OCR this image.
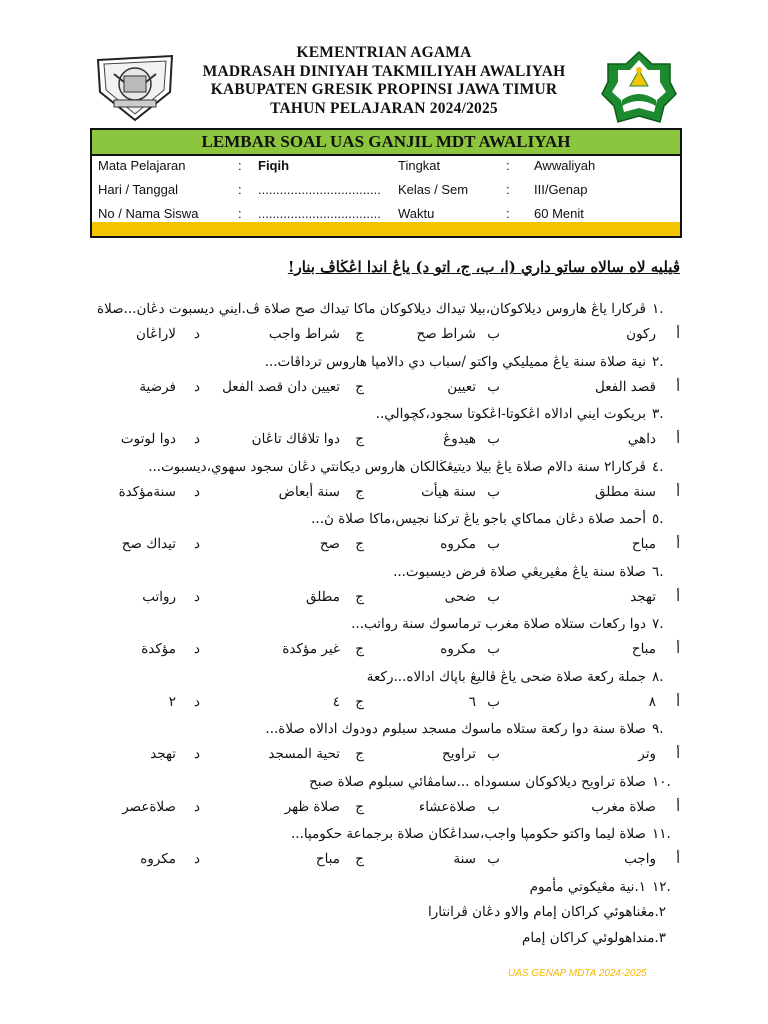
KEMENTRIAN AGAMA
MADRASAH DINIYAH TAKMILIYAH AWALIYAH
KABUPATEN GRESIK PROPINSI JAWA TIMUR
TAHUN PELAJARAN 2024/2025
LEMBAR SOAL UAS GANJIL MDT AWALIYAH
Mata Pelajaran	: Fiqih	Tingkat	: Awwaliyah
Hari / Tanggal	: .................................. Kelas / Sem	: III/Genap
No / Nama Siswa	: .................................. Waktu	: 60 Menit
ڤيليه لاه سالاه ساتو داري (ا، ب، ج، اتو د) ياڠ اندا اڠڬاڤ بنار!
١.
ڤركارا ياڠ هاروس ديلاكوكان،بيلا تيداك ديلاكوكان ماكا تيداك صح صلاة ڤ.ايني ديسبوت دڠان...صلاة
أ
ركون
ب
شراط صح
ج
شراط واجب
د
لاراڠان
٢.
نية صلاة سنة ياڠ مميليكي واكتو /سباب دي دالامڽا هاروس ترداڤات...
أ
قصد الفعل
ب
تعيين
ج
تعيين دان قصد الفعل
د
فرضية
٣.
بريكوت ايني ادالاه اڠكوتا-اڠكوتا سجود،كچوالي..
أ
داهي
ب
هيدوڠ
ج
دوا تلاڤاك تاڠان
د
دوا لوتوت
٤.
ڤركارا٢ سنة دالام صلاة ياڠ بيلا ديتيڠڬالكان هاروس ديكانتي دڠان سجود سهوي،ديسبوت...
أ
سنة مطلق
ب
سنة هيأت
ج
سنة أبعاض
د
سنةمؤكدة
٥.
أحمد صلاة دڠان مماكاي باجو ياڠ تركنا نجيس،ماكا صلاة ڽ...
أ
مباح
ب
مكروه
ج
صح
د
تيداك صح
٦.
صلاة سنة ياڠ مڠيريڠي صلاة فرض ديسبوت...
أ
تهجد
ب
ضحى
ج
مطلق
د
رواتب
٧.
دوا ركعات ستلاه صلاة مغرب ترماسوك سنة رواتب...
أ
مباح
ب
مكروه
ج
غير مؤكدة
د
مؤكدة
٨.
جملة ركعة صلاة ضحى ياڠ ڤاليڠ باڽاك ادالاه...ركعة
أ
٨
ب
٦
ج
٤
د
٢
٩.
صلاة سنة دوا ركعة ستلاه ماسوك مسجد سبلوم دودوك ادالاه صلاة...
أ
وتر
ب
تراويح
ج
تحية المسجد
د
تهجد
١٠.
صلاة تراويح ديلاكوكان سسوداه ...سامڤائي سبلوم صلاة صبح
أ
صلاة مغرب
ب
صلاةعشاء
ج
صلاة ظهر
د
صلاةعصر
١١.
صلاة ليما واكتو حكومڽا واجب،سداڠكان صلاة برجماعة حكومڽا...
أ
واجب
ب
سنة
ج
مباح
د
مكروه
١٢.
١.نية مڠيكوتي مأموم
٢.مڠناهوئي كراكان إمام والاو دڠان ڤرانتارا
٣.منداهولوئي كراكان إمام
UAS GENAP MDTA 2024-2025
